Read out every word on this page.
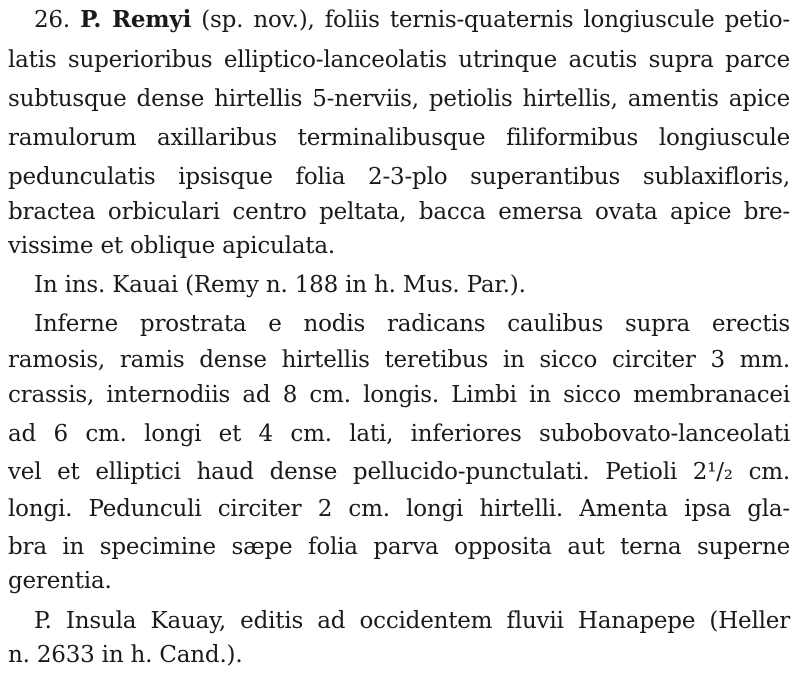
26. P. Remyi (sp. nov.), foliis ternis-quaternis longiuscule petio-
latis superioribus elliptico-lanceolatis utrinque acutis supra parce
subtusque dense hirtellis 5-nerviis, petiolis hirtellis, amentis apice
ramulorum axillaribus terminalibusque filiformibus longiuscule
pedunculatis ipsisque folia 2-3-plo superantibus sublaxifloris,
bractea orbiculari centro peltata, bacca emersa ovata apice bre-
vissime et oblique apiculata.
In ins. Kauai (Remy n. 188 in h. Mus. Par.).
Inferne prostrata e nodis radicans caulibus supra erectis
ramosis, ramis dense hirtellis teretibus in sicco circiter 3 mm.
crassis, internodiis ad 8 cm. longis. Limbi in sicco membranacei
ad 6 cm. longi et 4 cm. lati, inferiores subobovato-lanceolati
vel et elliptici haud dense pellucido-punctulati. Petioli 2¹/₂ cm.
longi. Pedunculi circiter 2 cm. longi hirtelli. Amenta ipsa gla-
bra in specimine sæpe folia parva opposita aut terna superne
gerentia.
P. Insula Kauay, editis ad occidentem fluvii Hanapepe (Heller
n. 2633 in h. Cand.).
